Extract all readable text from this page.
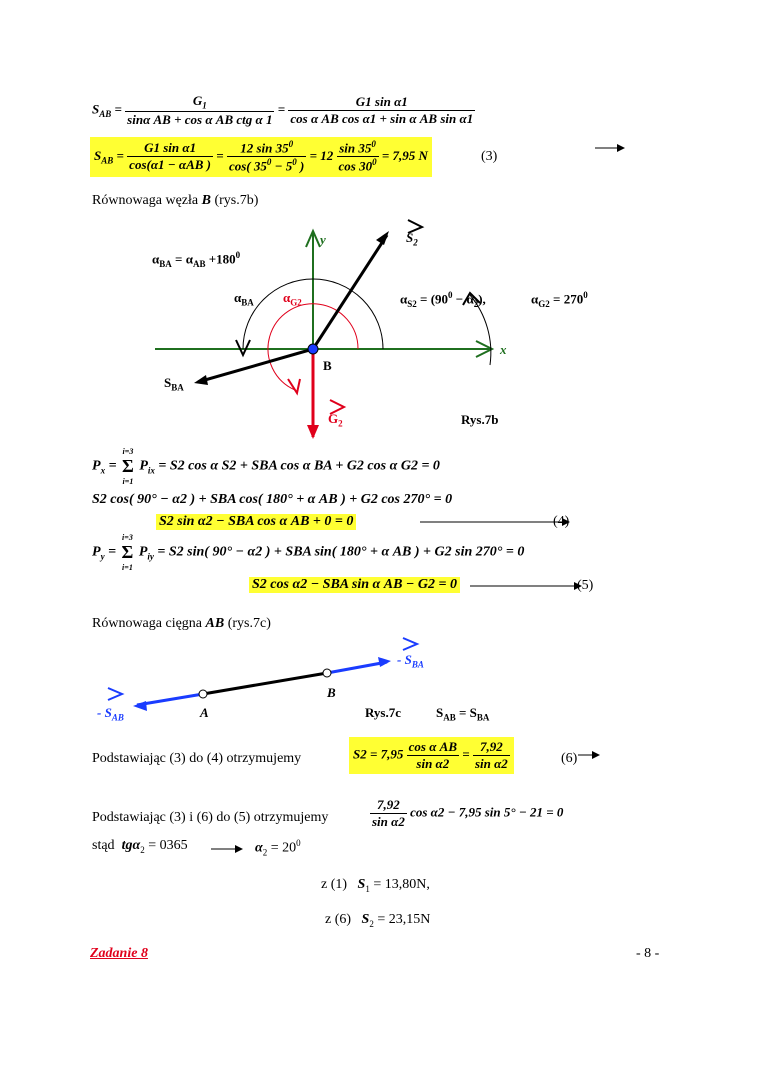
$S_{AB} = \frac{G_1}{\text{sinα AB + cos α AB ctg α 1}} = \frac{\text{G1 sin α1}}{\text{cos α AB cos α1 + sin α AB sin α1}}$
$S_{AB} = \frac{\text{G1 sin α1}}{\text{cos(α1 − αAB )}} = \frac{12 \sin 35^0}{\cos( 35^0 - 5^0 )} = 12 \frac{\sin 35^0}{\cos 30^0} = 7,95$ N	(3)
Równowaga węzła B (rys.7b)
$\alpha_{BA} = \alpha_{AB} +180^0$
$\alpha_{BA}$ $\alpha_{G2}$	$\alpha_{S2} = (90^0 - \alpha_2)$,	$\alpha_{G2} = 270^0$
x
y
B
$S_2$
$S_{BA}$
$G_2$	Rys.7b
$P_x$ =
i=3
Σ
i=1
$P_{ix} = S2$ cos α S2 + SBA cos α BA + G2 cos α G2 = 0
S2 cos( 90° − α2 ) + SBA cos( 180° + α AB ) + G2 cos 270° = 0
S2 sin α2 − SBA cos α AB + 0 = 0	(4)
$P_y$ =
i=3
Σ
i=1
$P_{iy} = S2$ sin( 90° − α2 ) + SBA sin( 180° + α AB ) + G2 sin 270° = 0
S2 cos α2 − SBA sin α AB − G2 = 0	(5)
Równowaga cięgna AB (rys.7c)
- $S_{BA}$
- $S_{AB}$	A
B
Rys.7c	$S_{AB} = S_{BA}$
Podstawiając (3) do (4) otrzymujemy	$S2 = 7,95 \frac{\text{cos α AB}}{\text{sin α2}} = \frac{7,92}{\text{sin α2}}$	(6)
Podstawiając (3) i (6) do (5) otrzymujemy	$\frac{7,92}{\text{sin α2}}$ cos α2 − 7,95 sin 5° − 21 = 0
stąd tgα$_2$ = 0365	$\alpha_2 = 20^0$
z (1) $S_1 = 13,80N$,
z (6) $S_2 = 23,15N$
Zadanie 8	- 8 -
